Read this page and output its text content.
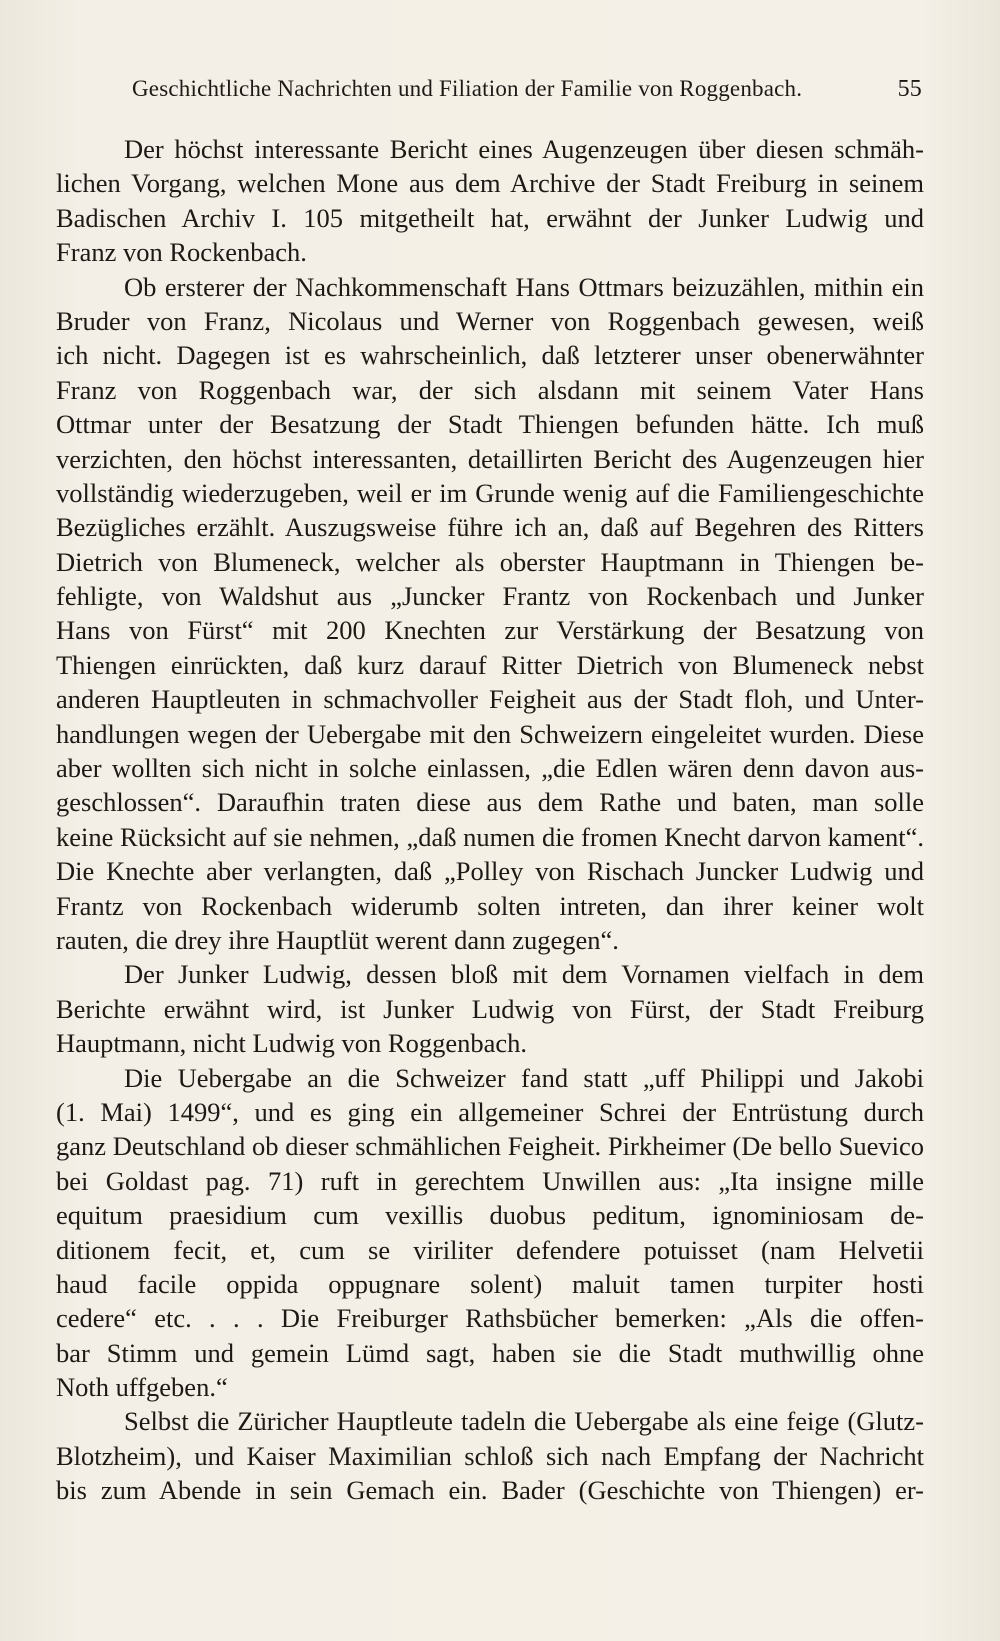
Geschichtliche Nachrichten und Filiation der Familie von Roggenbach.	55
Der höchst interessante Bericht eines Augenzeugen über diesen schmäh-
lichen Vorgang, welchen Mone aus dem Archive der Stadt Freiburg in seinem
Badischen Archiv I. 105 mitgetheilt hat, erwähnt der Junker Ludwig und
Franz von Rockenbach.
Ob ersterer der Nachkommenschaft Hans Ottmars beizuzählen, mithin ein
Bruder von Franz, Nicolaus und Werner von Roggenbach gewesen, weiß
ich nicht. Dagegen ist es wahrscheinlich, daß letzterer unser obenerwähnter
Franz von Roggenbach war, der sich alsdann mit seinem Vater Hans
Ottmar unter der Besatzung der Stadt Thiengen befunden hätte. Ich muß
verzichten, den höchst interessanten, detaillirten Bericht des Augenzeugen hier
vollständig wiederzugeben, weil er im Grunde wenig auf die Familiengeschichte
Bezügliches erzählt. Auszugsweise führe ich an, daß auf Begehren des Ritters
Dietrich von Blumeneck, welcher als oberster Hauptmann in Thiengen be-
fehligte, von Waldshut aus „Juncker Frantz von Rockenbach und Junker
Hans von Fürst“ mit 200 Knechten zur Verstärkung der Besatzung von
Thiengen einrückten, daß kurz darauf Ritter Dietrich von Blumeneck nebst
anderen Hauptleuten in schmachvoller Feigheit aus der Stadt floh, und Unter-
handlungen wegen der Uebergabe mit den Schweizern eingeleitet wurden. Diese
aber wollten sich nicht in solche einlassen, „die Edlen wären denn davon aus-
geschlossen“. Daraufhin traten diese aus dem Rathe und baten, man solle
keine Rücksicht auf sie nehmen, „daß numen die fromen Knecht darvon kament“.
Die Knechte aber verlangten, daß „Polley von Rischach Juncker Ludwig und
Frantz von Rockenbach widerumb solten intreten, dan ihrer keiner wolt
rauten, die drey ihre Hauptlüt werent dann zugegen“.
Der Junker Ludwig, dessen bloß mit dem Vornamen vielfach in dem
Berichte erwähnt wird, ist Junker Ludwig von Fürst, der Stadt Freiburg
Hauptmann, nicht Ludwig von Roggenbach.
Die Uebergabe an die Schweizer fand statt „uff Philippi und Jakobi
(1. Mai) 1499“, und es ging ein allgemeiner Schrei der Entrüstung durch
ganz Deutschland ob dieser schmählichen Feigheit. Pirkheimer (De bello Suevico
bei Goldast pag. 71) ruft in gerechtem Unwillen aus: „Ita insigne mille
equitum praesidium cum vexillis duobus peditum, ignominiosam de-
ditionem fecit, et, cum se viriliter defendere potuisset (nam Helvetii
haud facile oppida oppugnare solent) maluit tamen turpiter hosti
cedere“ etc. . . . Die Freiburger Rathsbücher bemerken: „Als die offen-
bar Stimm und gemein Lümd sagt, haben sie die Stadt muthwillig ohne
Noth uffgeben.“
Selbst die Züricher Hauptleute tadeln die Uebergabe als eine feige (Glutz-
Blotzheim), und Kaiser Maximilian schloß sich nach Empfang der Nachricht
bis zum Abende in sein Gemach ein. Bader (Geschichte von Thiengen) er-
